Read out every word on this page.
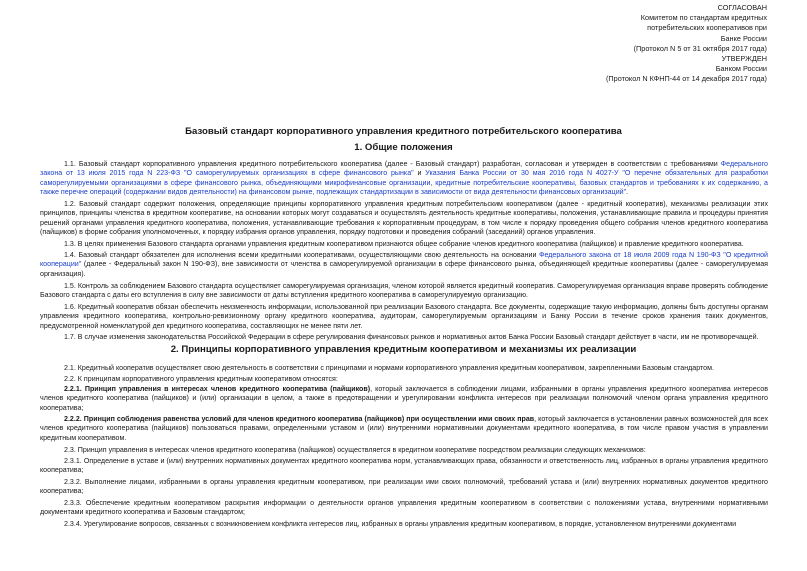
СОГЛАСОВАН
Комитетом по стандартам кредитных
потребительских кооперативов при
Банке России
(Протокол N 5 от 31 октября 2017 года)
УТВЕРЖДЕН
Банком России
(Протокол N КФНП-44 от 14 декабря 2017 года)
Базовый стандарт корпоративного управления кредитного потребительского кооператива
1. Общие положения
1.1. Базовый стандарт корпоративного управления кредитного потребительского кооператива (далее - Базовый стандарт) разработан, согласован и утвержден в соответствии с требованиями Федерального закона от 13 июля 2015 года N 223-ФЗ "О саморегулируемых организациях в сфере финансового рынка" и Указания Банка России от 30 мая 2016 года N 4027-У "О перечне обязательных для разработки саморегулируемыми организациями в сфере финансового рынка, объединяющими микрофинансовые организации, кредитные потребительские кооперативы, базовых стандартов и требованиях к их содержанию, а также перечне операций (содержании видов деятельности) на финансовом рынке, подлежащих стандартизации в зависимости от вида деятельности финансовых организаций".
1.2. Базовый стандарт содержит положения, определяющие принципы корпоративного управления кредитным потребительским кооперативом (далее - кредитный кооператив), механизмы реализации этих принципов, принципы членства в кредитном кооперативе, на основании которых могут создаваться и осуществлять деятельность кредитные кооперативы, положения, устанавливающие правила и процедуры принятия решений органами управления кредитного кооператива, положения, устанавливающие требования к корпоративным процедурам, в том числе к порядку проведения общего собрания членов кредитного кооператива (пайщиков) в форме собрания уполномоченных, к порядку избрания органов управления, порядку подготовки и проведения собраний (заседаний) органов управления.
1.3. В целях применения Базового стандарта органами управления кредитным кооперативом признаются общее собрание членов кредитного кооператива (пайщиков) и правление кредитного кооператива.
1.4. Базовый стандарт обязателен для исполнения всеми кредитными кооперативами, осуществляющими свою деятельность на основании Федерального закона от 18 июля 2009 года N 190-ФЗ "О кредитной кооперации" (далее - Федеральный закон N 190-ФЗ), вне зависимости от членства в саморегулируемой организации в сфере финансового рынка, объединяющей кредитные кооперативы (далее - саморегулируемая организация).
1.5. Контроль за соблюдением Базового стандарта осуществляет саморегулируемая организация, членом которой является кредитный кооператив. Саморегулируемая организация вправе проверять соблюдение Базового стандарта с даты его вступления в силу вне зависимости от даты вступления кредитного кооператива в саморегулируемую организацию.
1.6. Кредитный кооператив обязан обеспечить неизменность информации, использованной при реализации Базового стандарта. Все документы, содержащие такую информацию, должны быть доступны органам управления кредитного кооператива, контрольно-ревизионному органу кредитного кооператива, аудиторам, саморегулируемым организациям и Банку России в течение сроков хранения таких документов, предусмотренной номенклатурой дел кредитного кооператива, составляющих не менее пяти лет.
1.7. В случае изменения законодательства Российской Федерации в сфере регулирования финансовых рынков и нормативных актов Банка России Базовый стандарт действует в части, им не противоречащей.
2. Принципы корпоративного управления кредитным кооперативом и механизмы их реализации
2.1. Кредитный кооператив осуществляет свою деятельность в соответствии с принципами и нормами корпоративного управления кредитным кооперативом, закрепленными Базовым стандартом.
2.2. К принципам корпоративного управления кредитным кооперативом относятся:
2.2.1. Принцип управления в интересах членов кредитного кооператива (пайщиков), который заключается в соблюдении лицами, избранными в органы управления кредитного кооператива интересов членов кредитного кооператива (пайщиков) и (или) организации в целом, а также в предотвращении и урегулировании конфликта интересов при реализации полномочий членом органа управления кредитного кооператива;
2.2.2. Принцип соблюдения равенства условий для членов кредитного кооператива (пайщиков) при осуществлении ими своих прав, который заключается в установлении равных возможностей для всех членов кредитного кооператива (пайщиков) пользоваться правами, определенными уставом и (или) внутренними нормативными документами кредитного кооператива, в том числе правом участия в управлении кредитным кооперативом.
2.3. Принцип управления в интересах членов кредитного кооператива (пайщиков) осуществляется в кредитном кооперативе посредством реализации следующих механизмов:
2.3.1. Определение в уставе и (или) внутренних нормативных документах кредитного кооператива норм, устанавливающих права, обязанности и ответственность лиц, избранных в органы управления кредитного кооператива;
2.3.2. Выполнение лицами, избранными в органы управления кредитным кооперативом, при реализации ими своих полномочий, требований устава и (или) внутренних нормативных документов кредитного кооператива;
2.3.3. Обеспечение кредитным кооперативом раскрытия информации о деятельности органов управления кредитным кооперативом в соответствии с положениями устава, внутренними нормативными документами кредитного кооператива и Базовым стандартом;
2.3.4. Урегулирование вопросов, связанных с возникновением конфликта интересов лиц, избранных в органы управления кредитным кооперативом, в порядке, установленном внутренними документами
